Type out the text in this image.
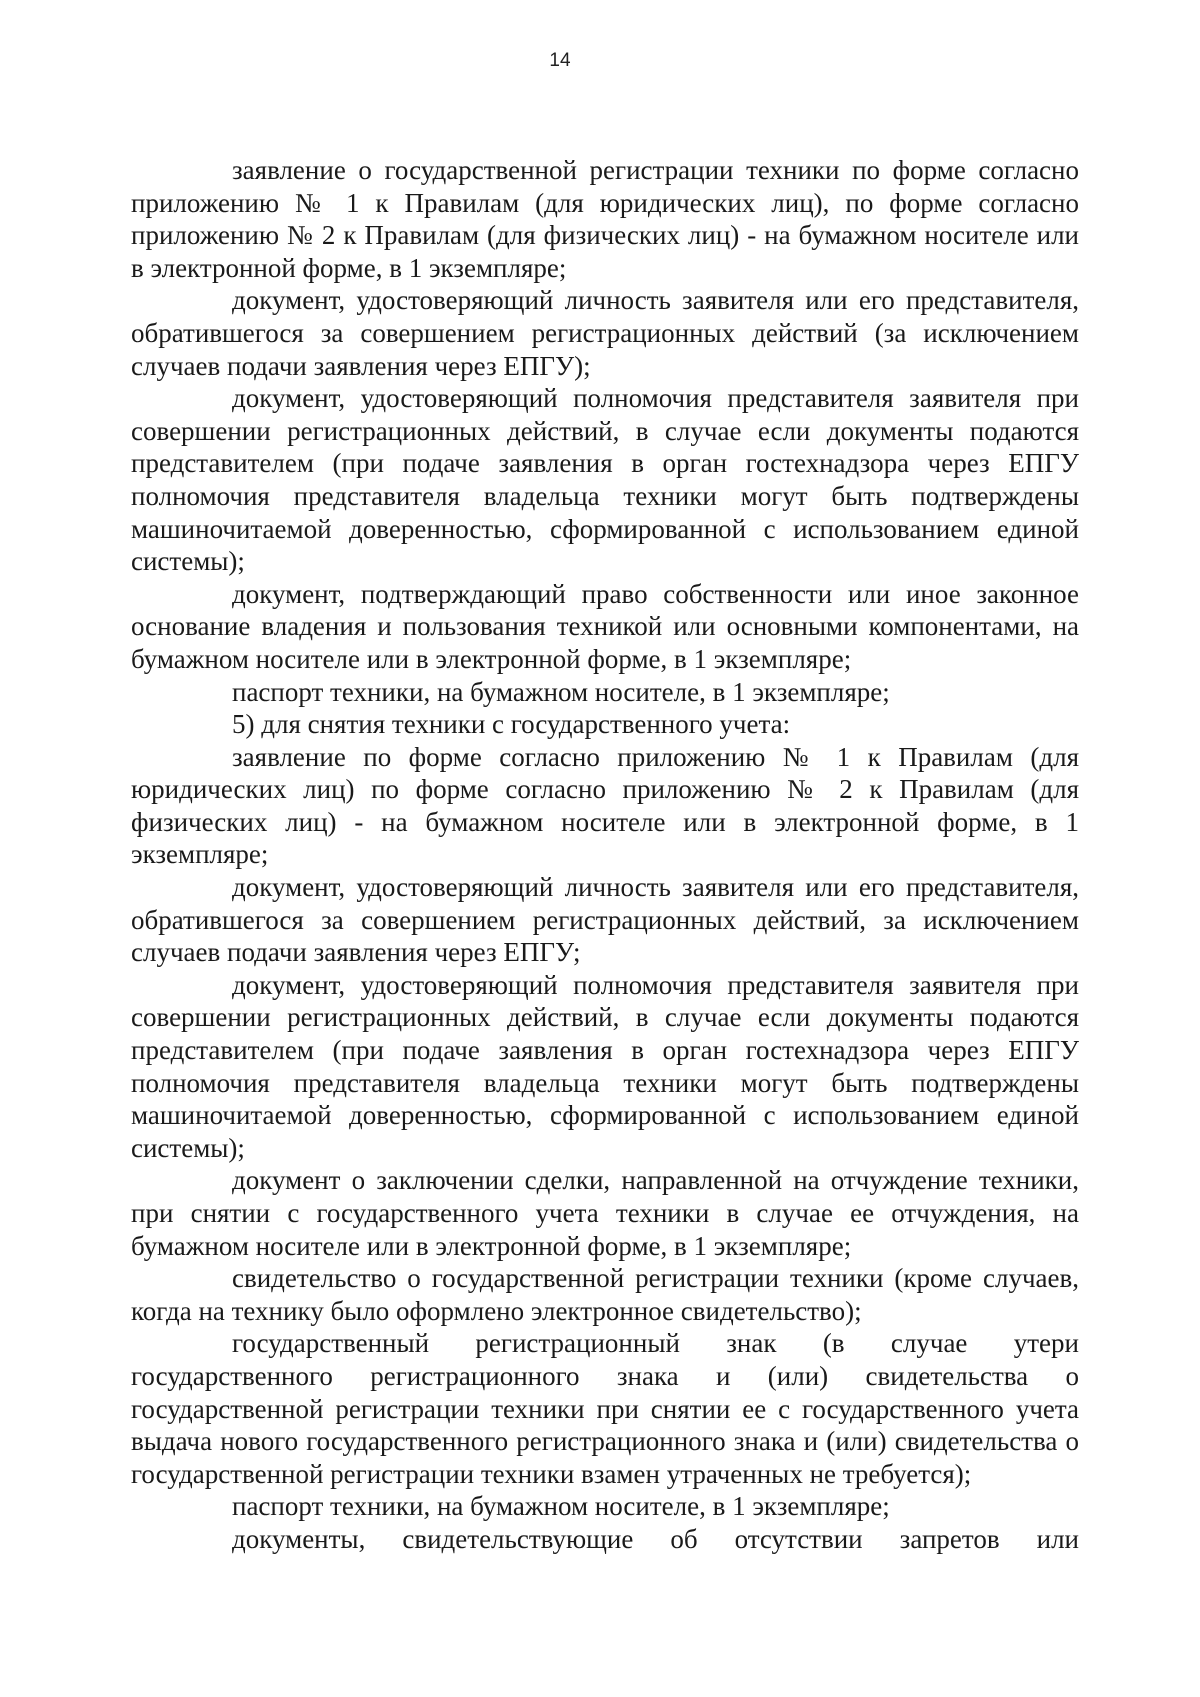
14

заявление о государственной регистрации техники по форме согласно приложению № 1 к Правилам (для юридических лиц), по форме согласно приложению № 2 к Правилам (для физических лиц) - на бумажном носителе или в электронной форме, в 1 экземпляре;

документ, удостоверяющий личность заявителя или его представителя, обратившегося за совершением регистрационных действий (за исключением случаев подачи заявления через ЕПГУ);

документ, удостоверяющий полномочия представителя заявителя при совершении регистрационных действий, в случае если документы подаются представителем (при подаче заявления в орган гостехнадзора через ЕПГУ полномочия представителя владельца техники могут быть подтверждены машиночитаемой доверенностью, сформированной с использованием единой системы);

документ, подтверждающий право собственности или иное законное основание владения и пользования техникой или основными компонентами, на бумажном носителе или в электронной форме, в 1 экземпляре;

паспорт техники, на бумажном носителе, в 1 экземпляре;

5) для снятия техники с государственного учета:

заявление по форме согласно приложению № 1 к Правилам (для юридических лиц) по форме согласно приложению № 2 к Правилам (для физических лиц) - на бумажном носителе или в электронной форме, в 1 экземпляре;

документ, удостоверяющий личность заявителя или его представителя, обратившегося за совершением регистрационных действий, за исключением случаев подачи заявления через ЕПГУ;

документ, удостоверяющий полномочия представителя заявителя при совершении регистрационных действий, в случае если документы подаются представителем (при подаче заявления в орган гостехнадзора через ЕПГУ полномочия представителя владельца техники могут быть подтверждены машиночитаемой доверенностью, сформированной с использованием единой системы);

документ о заключении сделки, направленной на отчуждение техники, при снятии с государственного учета техники в случае ее отчуждения, на бумажном носителе или в электронной форме, в 1 экземпляре;

свидетельство о государственной регистрации техники (кроме случаев, когда на технику было оформлено электронное свидетельство);

государственный регистрационный знак (в случае утери государственного регистрационного знака и (или) свидетельства о государственной регистрации техники при снятии ее с государственного учета выдача нового государственного регистрационного знака и (или) свидетельства о государственной регистрации техники взамен утраченных не требуется);

паспорт техники, на бумажном носителе, в 1 экземпляре;

документы, свидетельствующие об отсутствии запретов или
